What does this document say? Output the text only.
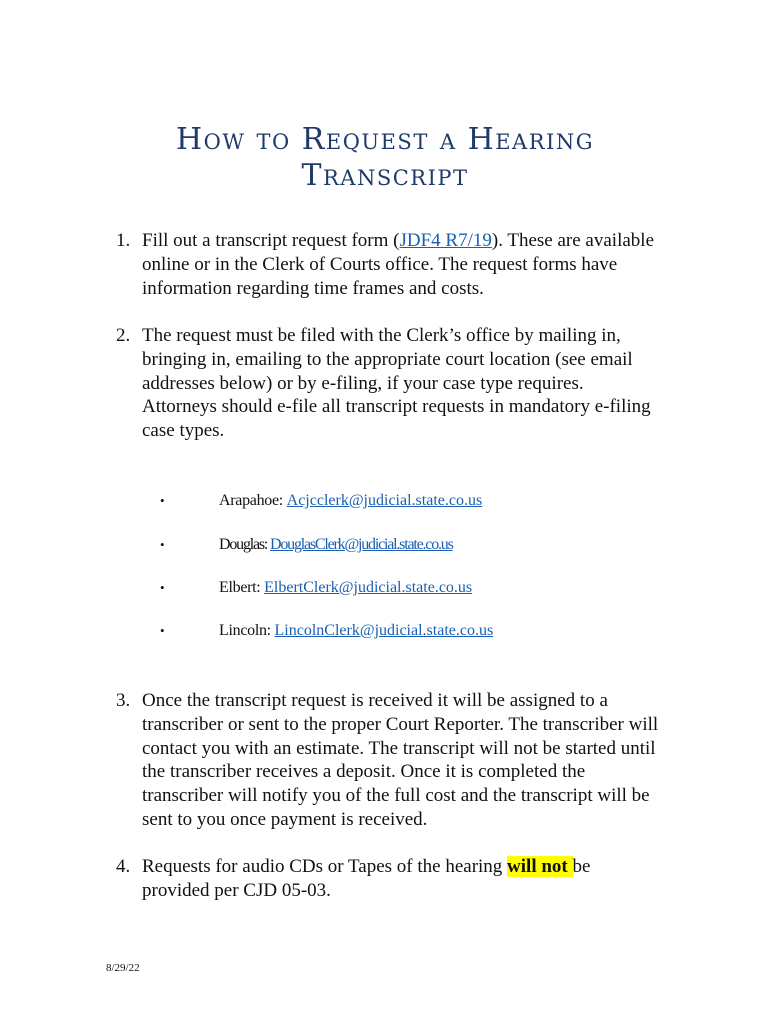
How to Request a Hearing
Transcript
1. Fill out a transcript request form (JDF4 R7/19). These are available online or in the Clerk of Courts office. The request forms have information regarding time frames and costs.
2. The request must be filed with the Clerk’s office by mailing in, bringing in, emailing to the appropriate court location (see email addresses below) or by e-filing, if your case type requires. Attorneys should e-file all transcript requests in mandatory e-filing case types.
•	Arapahoe: Acjcclerk@judicial.state.co.us
•	Douglas: DouglasClerk@judicial.state.co.us
•	Elbert: ElbertClerk@judicial.state.co.us
•	Lincoln: LincolnClerk@judicial.state.co.us
3. Once the transcript request is received it will be assigned to a transcriber or sent to the proper Court Reporter. The transcriber will contact you with an estimate. The transcript will not be started until the transcriber receives a deposit. Once it is completed the transcriber will notify you of the full cost and the transcript will be sent to you once payment is received.
4. Requests for audio CDs or Tapes of the hearing will not be provided per CJD 05-03.
8/29/22
